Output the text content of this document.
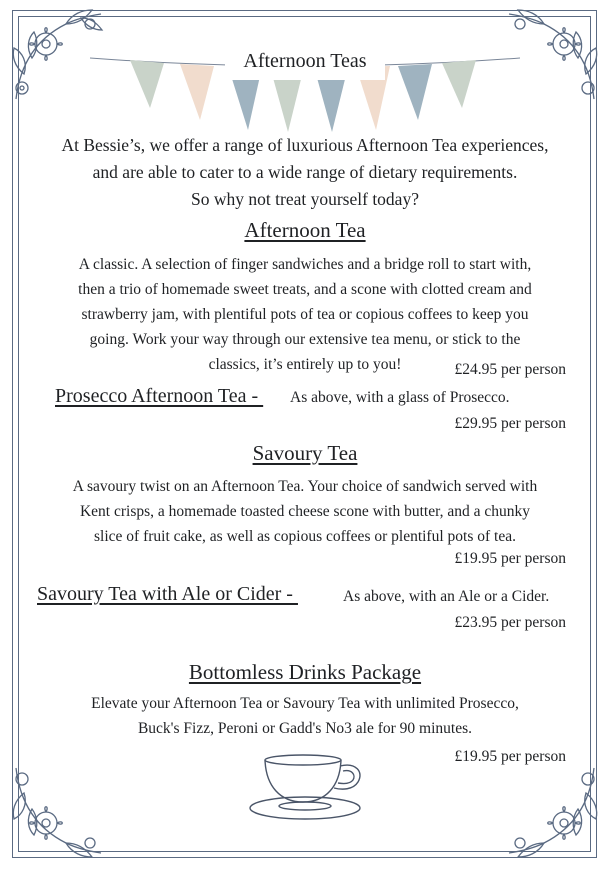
Afternoon Teas
At Bessie’s, we offer a range of luxurious Afternoon Tea experiences,
and are able to cater to a wide range of dietary requirements.
So why not treat yourself today?
Afternoon Tea
A classic. A selection of finger sandwiches and a bridge roll to start with,
then a trio of homemade sweet treats, and a scone with clotted cream and
strawberry jam, with plentiful pots of tea or copious coffees to keep you
going. Work your way through our extensive tea menu, or stick to the
classics, it’s entirely up to you!	£24.95 per person
Prosecco Afternoon Tea - As above, with a glass of Prosecco.
£29.95 per person
Savoury Tea
A savoury twist on an Afternoon Tea. Your choice of sandwich served with
Kent crisps, a homemade toasted cheese scone with butter, and a chunky
slice of fruit cake, as well as copious coffees or plentiful pots of tea.
£19.95 per person
Savoury Tea with Ale or Cider -	As above, with an Ale or a Cider.
£23.95 per person
Bottomless Drinks Package
Elevate your Afternoon Tea or Savoury Tea with unlimited Prosecco,
Buck's Fizz, Peroni or Gadd's No3 ale for 90 minutes.
£19.95 per person
